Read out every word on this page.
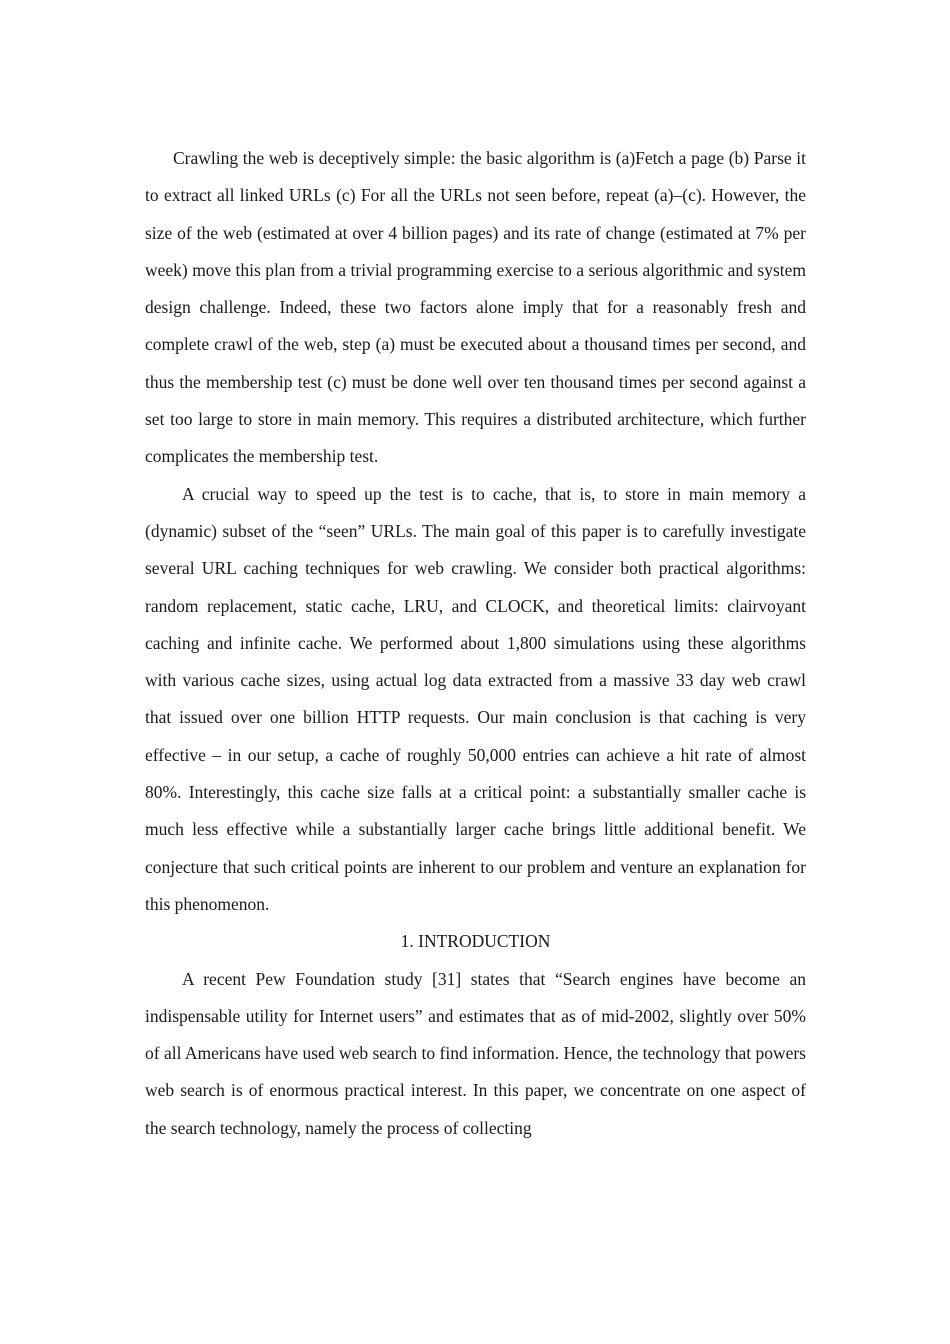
Crawling the web is deceptively simple: the basic algorithm is (a)Fetch a page (b) Parse it to extract all linked URLs (c) For all the URLs not seen before, repeat (a)–(c). However, the size of the web (estimated at over 4 billion pages) and its rate of change (estimated at 7% per week) move this plan from a trivial programming exercise to a serious algorithmic and system design challenge. Indeed, these two factors alone imply that for a reasonably fresh and complete crawl of the web, step (a) must be executed about a thousand times per second, and thus the membership test (c) must be done well over ten thousand times per second against a set too large to store in main memory. This requires a distributed architecture, which further complicates the membership test.

A crucial way to speed up the test is to cache, that is, to store in main memory a (dynamic) subset of the “seen” URLs. The main goal of this paper is to carefully investigate several URL caching techniques for web crawling. We consider both practical algorithms: random replacement, static cache, LRU, and CLOCK, and theoretical limits: clairvoyant caching and infinite cache. We performed about 1,800 simulations using these algorithms with various cache sizes, using actual log data extracted from a massive 33 day web crawl that issued over one billion HTTP requests. Our main conclusion is that caching is very effective – in our setup, a cache of roughly 50,000 entries can achieve a hit rate of almost 80%. Interestingly, this cache size falls at a critical point: a substantially smaller cache is much less effective while a substantially larger cache brings little additional benefit. We conjecture that such critical points are inherent to our problem and venture an explanation for this phenomenon.

1. INTRODUCTION

A recent Pew Foundation study [31] states that “Search engines have become an indispensable utility for Internet users” and estimates that as of mid-2002, slightly over 50% of all Americans have used web search to find information. Hence, the technology that powers web search is of enormous practical interest. In this paper, we concentrate on one aspect of the search technology, namely the process of collecting
